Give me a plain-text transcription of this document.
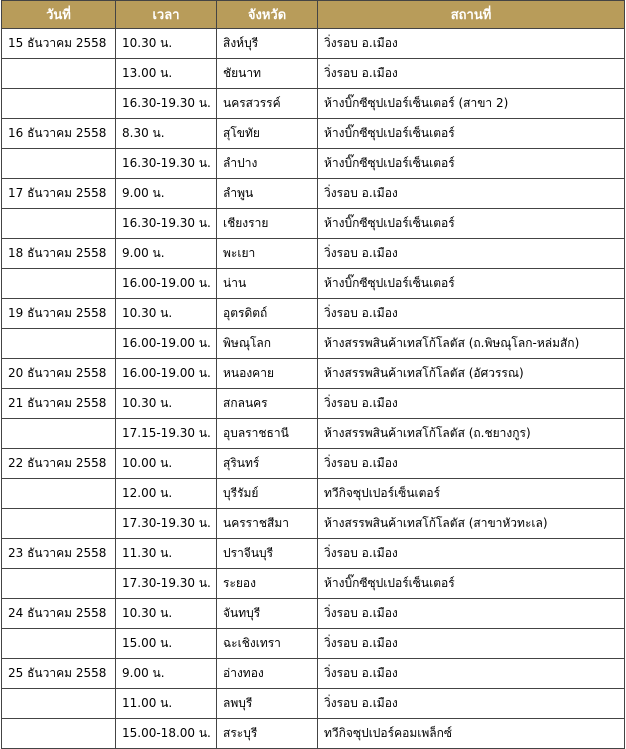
วันที่	เวลา	จังหวัด	สถานที่
15 ธันวาคม 2558	10.30 น.	สิงห์บุรี	วิ่งรอบ อ.เมือง
	13.00 น.	ชัยนาท	วิ่งรอบ อ.เมือง
	16.30-19.30 น.	นครสวรรค์	ห้างบิ๊กซีซุปเปอร์เซ็นเตอร์ (สาขา 2)
16 ธันวาคม 2558	8.30 น.	สุโขทัย	ห้างบิ๊กซีซุปเปอร์เซ็นเตอร์
	16.30-19.30 น.	ลำปาง	ห้างบิ๊กซีซุปเปอร์เซ็นเตอร์
17 ธันวาคม 2558	9.00 น.	ลำพูน	วิ่งรอบ อ.เมือง
	16.30-19.30 น.	เชียงราย	ห้างบิ๊กซีซุปเปอร์เซ็นเตอร์
18 ธันวาคม 2558	9.00 น.	พะเยา	วิ่งรอบ อ.เมือง
	16.00-19.00 น.	น่าน	ห้างบิ๊กซีซุปเปอร์เซ็นเตอร์
19 ธันวาคม 2558	10.30 น.	อุตรดิตถ์	วิ่งรอบ อ.เมือง
	16.00-19.00 น.	พิษณุโลก	ห้างสรรพสินค้าเทสโก้โลตัส (ถ.พิษณุโลก-หล่มสัก)
20 ธันวาคม 2558	16.00-19.00 น.	หนองคาย	ห้างสรรพสินค้าเทสโก้โลตัส (อัศวรรณ)
21 ธันวาคม 2558	10.30 น.	สกลนคร	วิ่งรอบ อ.เมือง
	17.15-19.30 น.	อุบลราชธานี	ห้างสรรพสินค้าเทสโก้โลตัส (ถ.ชยางกูร)
22 ธันวาคม 2558	10.00 น.	สุรินทร์	วิ่งรอบ อ.เมือง
	12.00 น.	บุรีรัมย์	ทวีกิจซุปเปอร์เซ็นเตอร์
	17.30-19.30 น.	นครราชสีมา	ห้างสรรพสินค้าเทสโก้โลตัส (สาขาหัวทะเล)
23 ธันวาคม 2558	11.30 น.	ปราจีนบุรี	วิ่งรอบ อ.เมือง
	17.30-19.30 น.	ระยอง	ห้างบิ๊กซีซุปเปอร์เซ็นเตอร์
24 ธันวาคม 2558	10.30 น.	จันทบุรี	วิ่งรอบ อ.เมือง
	15.00 น.	ฉะเชิงเทรา	วิ่งรอบ อ.เมือง
25 ธันวาคม 2558	9.00 น.	อ่างทอง	วิ่งรอบ อ.เมือง
	11.00 น.	ลพบุรี	วิ่งรอบ อ.เมือง
	15.00-18.00 น.	สระบุรี	ทวีกิจซุปเปอร์คอมเพล็กซ์
